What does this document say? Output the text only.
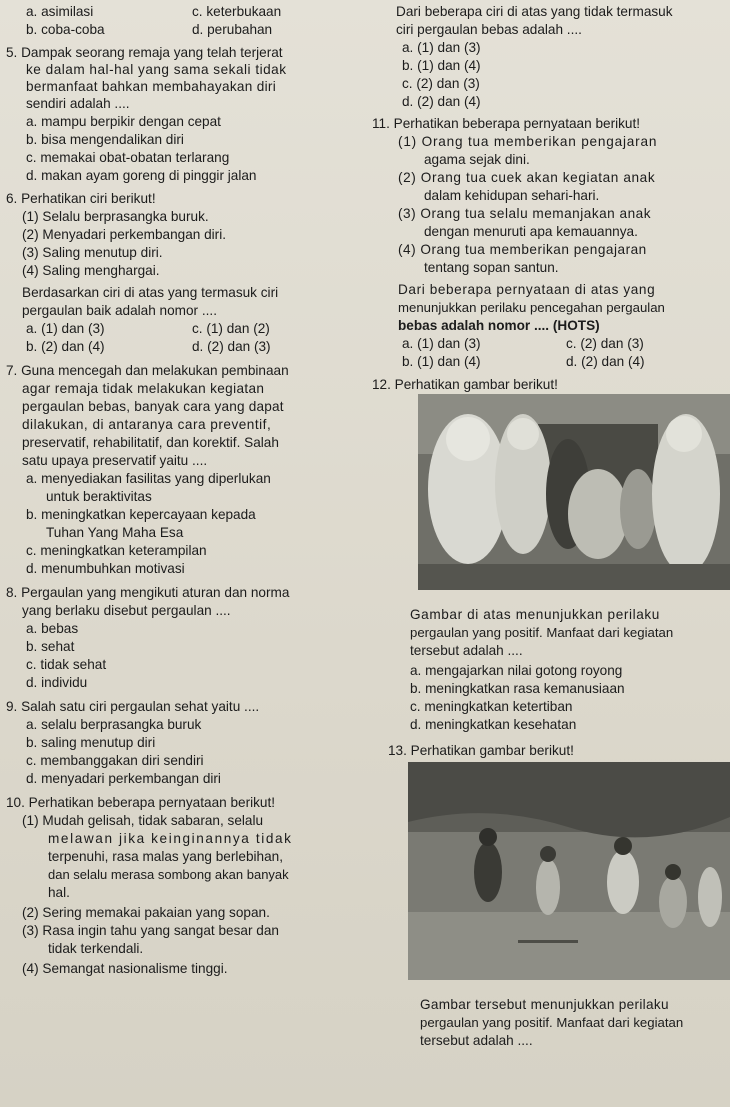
a. asimilasi	c. keterbukaan
b. coba-coba	d. perubahan
5. Dampak seorang remaja yang telah terjerat
ke dalam hal-hal yang sama sekali tidak
bermanfaat bahkan membahayakan diri
sendiri adalah ....
a. mampu berpikir dengan cepat
b. bisa mengendalikan diri
c. memakai obat-obatan terlarang
d. makan ayam goreng di pinggir jalan
6. Perhatikan ciri berikut!
(1) Selalu berprasangka buruk.
(2) Menyadari perkembangan diri.
(3) Saling menutup diri.
(4) Saling menghargai.
Berdasarkan ciri di atas yang termasuk ciri
pergaulan baik adalah nomor ....
a. (1) dan (3)	c. (1) dan (2)
b. (2) dan (4)	d. (2) dan (3)
7. Guna mencegah dan melakukan pembinaan
agar remaja tidak melakukan kegiatan
pergaulan bebas, banyak cara yang dapat
dilakukan, di antaranya cara preventif,
preservatif, rehabilitatif, dan korektif. Salah
satu upaya preservatif yaitu ....
a. menyediakan fasilitas yang diperlukan
untuk beraktivitas
b. meningkatkan kepercayaan kepada
Tuhan Yang Maha Esa
c. meningkatkan keterampilan
d. menumbuhkan motivasi
8. Pergaulan yang mengikuti aturan dan norma
yang berlaku disebut pergaulan ....
a. bebas
b. sehat
c. tidak sehat
d. individu
9. Salah satu ciri pergaulan sehat yaitu ....
a. selalu berprasangka buruk
b. saling menutup diri
c. membanggakan diri sendiri
d. menyadari perkembangan diri
10. Perhatikan beberapa pernyataan berikut!
(1) Mudah gelisah, tidak sabaran, selalu
melawan jika keinginannya tidak
terpenuhi, rasa malas yang berlebihan,
dan selalu merasa sombong akan banyak
hal.
(2) Sering memakai pakaian yang sopan.
(3) Rasa ingin tahu yang sangat besar dan
tidak terkendali.
(4) Semangat nasionalisme tinggi.
Dari beberapa ciri di atas yang tidak termasuk
ciri pergaulan bebas adalah ....
a. (1) dan (3)
b. (1) dan (4)
c. (2) dan (3)
d. (2) dan (4)
11. Perhatikan beberapa pernyataan berikut!
(1) Orang tua memberikan pengajaran
agama sejak dini.
(2) Orang tua cuek akan kegiatan anak
dalam kehidupan sehari-hari.
(3) Orang tua selalu memanjakan anak
dengan menuruti apa kemauannya.
(4) Orang tua memberikan pengajaran
tentang sopan santun.
Dari beberapa pernyataan di atas yang
menunjukkan perilaku pencegahan pergaulan
bebas adalah nomor .... (HOTS)
a. (1) dan (3)	c. (2) dan (3)
b. (1) dan (4)	d. (2) dan (4)
12. Perhatikan gambar berikut!
Gambar di atas menunjukkan perilaku
pergaulan yang positif. Manfaat dari kegiatan
tersebut adalah ....
a. mengajarkan nilai gotong royong
b. meningkatkan rasa kemanusiaan
c. meningkatkan ketertiban
d. meningkatkan kesehatan
13. Perhatikan gambar berikut!
Gambar tersebut menunjukkan perilaku
pergaulan yang positif. Manfaat dari kegiatan
tersebut adalah ....
